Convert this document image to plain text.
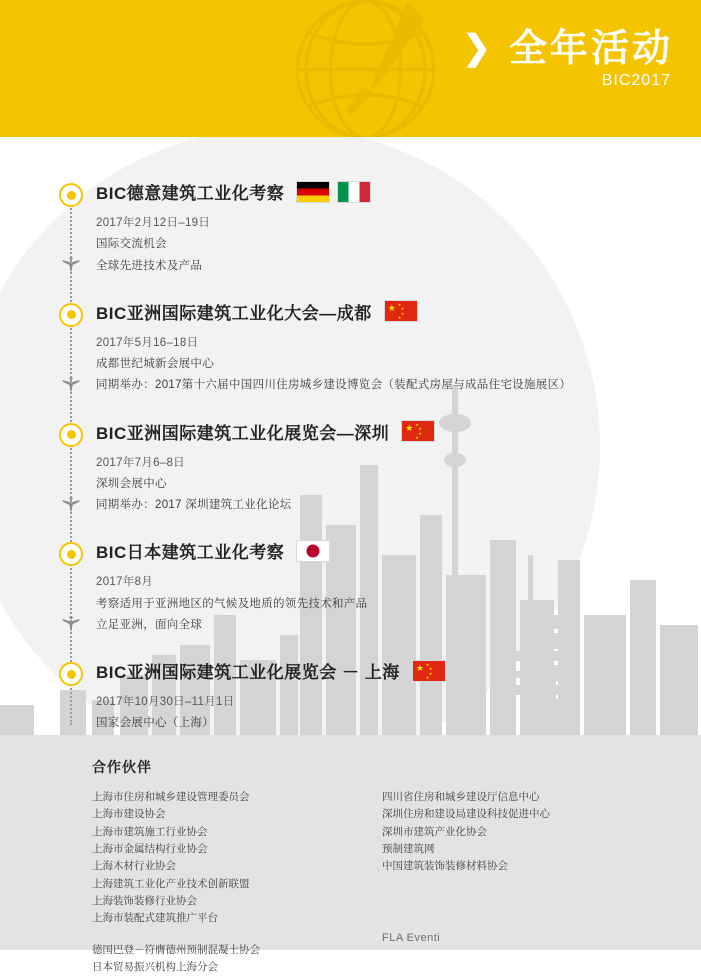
❯ 全年活动
BIC2017
BIC德意建筑工业化考察
2017年2月12日–19日
国际交流机会
全球先进技术及产品
BIC亚洲国际建筑工业化大会—成都 ★ ★
★
★
★
2017年5月16–18日
成都世纪城新会展中心
同期举办：2017第十六届中国四川住房城乡建设博览会（装配式房屋与成品住宅设施展区）
BIC亚洲国际建筑工业化展览会—深圳 ★ ★
★
★
★
2017年7月6–8日
深圳会展中心
同期举办：2017 深圳建筑工业化论坛
BIC日本建筑工业化考察
2017年8月
考察适用于亚洲地区的气候及地质的领先技术和产品
立足亚洲，面向全球
BIC亚洲国际建筑工业化展览会 － 上海 ★ ★
★
★
★
2017年10月30日–11月1日
国家会展中心（上海）
合作伙伴
上海市住房和城乡建设管理委员会
上海市建设协会
上海市建筑施工行业协会
上海市金属结构行业协会
上海木材行业协会
上海建筑工业化产业技术创新联盟
上海装饰装修行业协会
上海市装配式建筑推广平台
德国巴登－符膺德州预制混凝土协会
日本贸易振兴机构上海分会
四川省住房和城乡建设厅信息中心
深圳住房和建设局建设科技促进中心
深圳市建筑产业化协会
预制建筑网
中国建筑装饰装修材料协会
FLA Eventi
